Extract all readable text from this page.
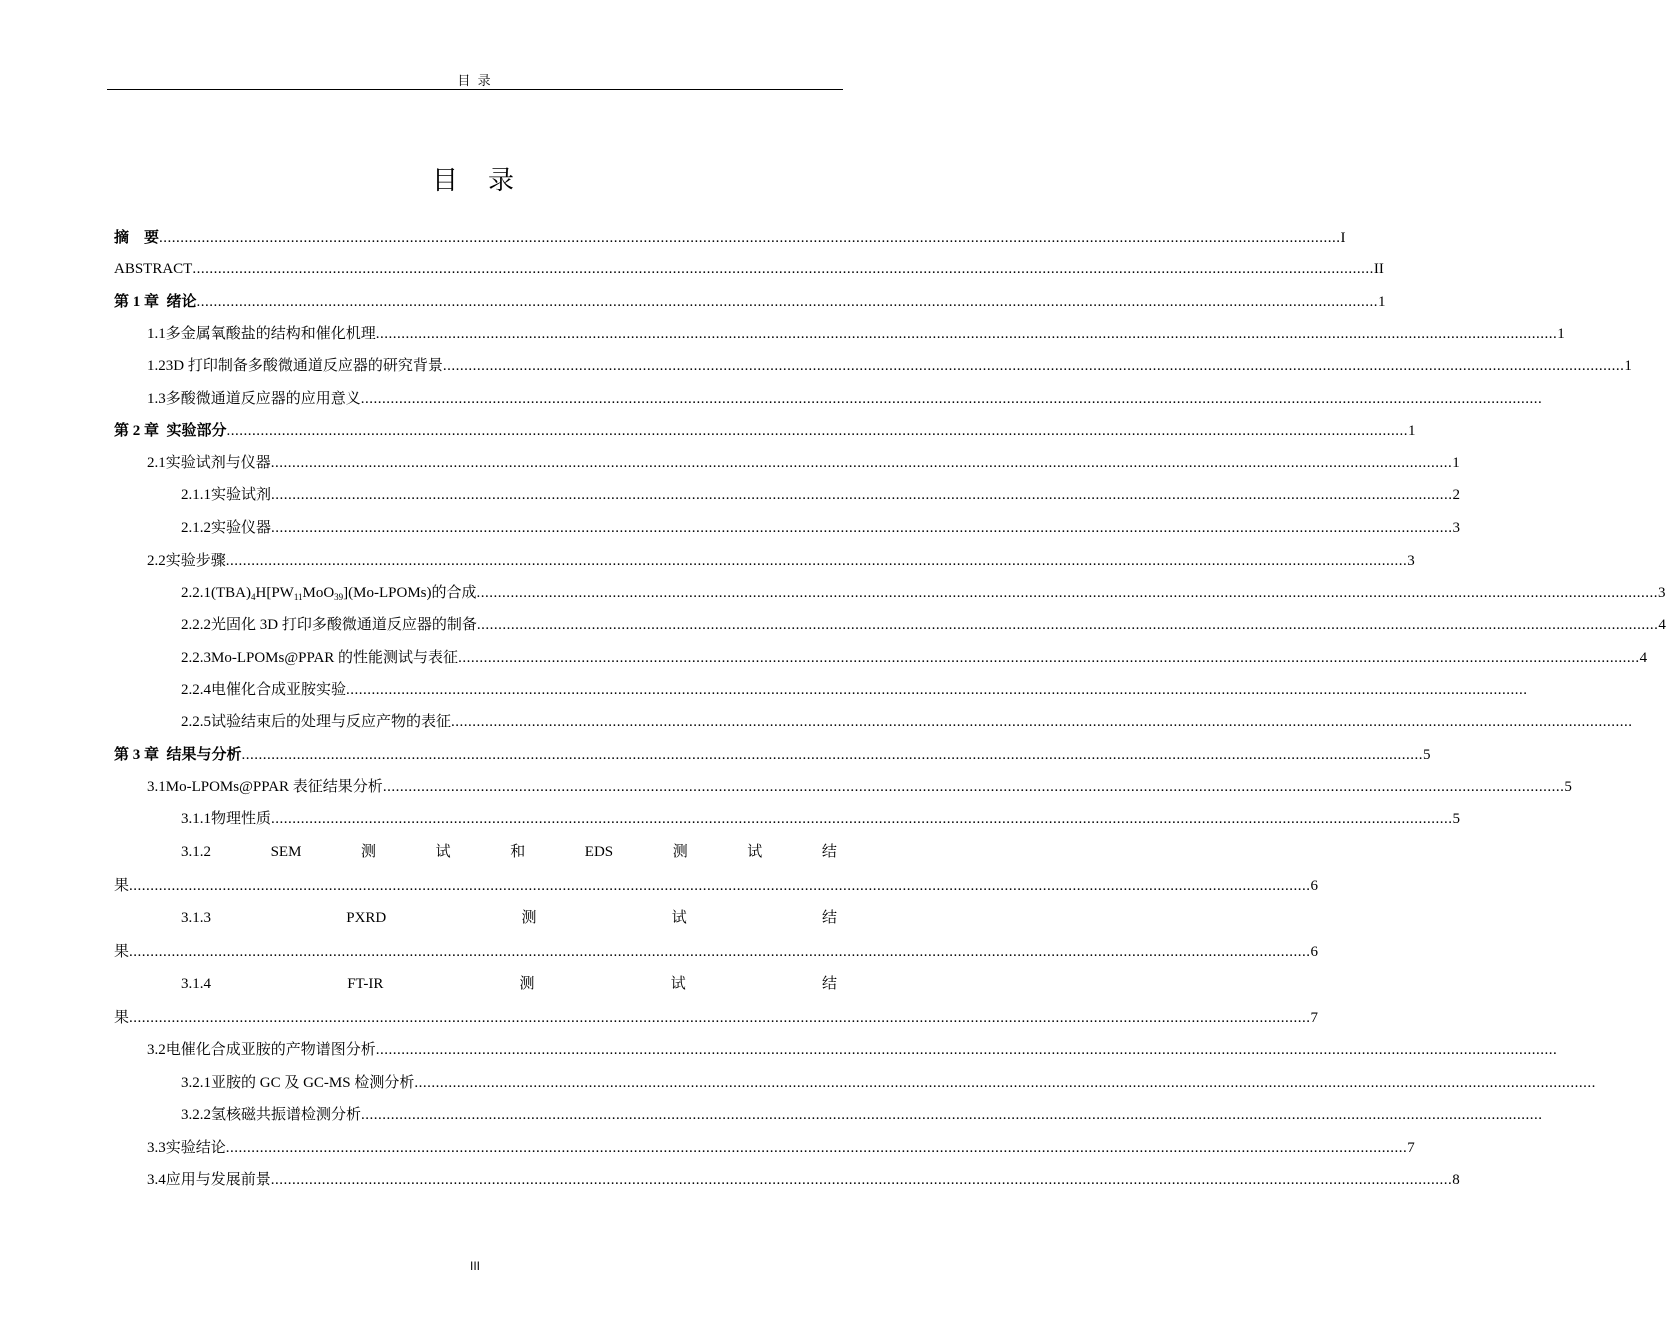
目 录
目 录
摘    要 ...................................................................................................................................................................................................................................................................................... I
ABSTRACT ...................................................................................................................................................................................................................................................................................... II
第 1 章  绪论 ...................................................................................................................................................................................................................................................................................... 1
1.1 多金属氧酸盐的结构和催化机理 ...................................................................................................................................................................................................................................................................................... 1
1.2 3D 打印制备多酸微通道反应器的研究背景 ...................................................................................................................................................................................................................................................................................... 1
1.3 多酸微通道反应器的应用意义 ......................................................................................................................................................................................................................................................................................
第 2 章  实验部分 ...................................................................................................................................................................................................................................................................................... 1
2.1 实验试剂与仪器 ...................................................................................................................................................................................................................................................................................... 1
2.1.1 实验试剂 ...................................................................................................................................................................................................................................................................................... 2
2.1.2 实验仪器 ...................................................................................................................................................................................................................................................................................... 3
2.2 实验步骤 ...................................................................................................................................................................................................................................................................................... 3
2.2.1 $(TBA)_4H[PW_{11}MoO_{39}](Mo-LPOMs)$的合成 ...................................................................................................................................................................................................................................................................................... 3
2.2.2 光固化 3D 打印多酸微通道反应器的制备 ...................................................................................................................................................................................................................................................................................... 4
2.2.3 Mo-LPOMs@PPAR 的性能测试与表征 ...................................................................................................................................................................................................................................................................................... 4
2.2.4 电催化合成亚胺实验 ......................................................................................................................................................................................................................................................................................
2.2.5 试验结束后的处理与反应产物的表征 ......................................................................................................................................................................................................................................................................................
第 3 章  结果与分析 ...................................................................................................................................................................................................................................................................................... 5
3.1 Mo-LPOMs@PPAR 表征结果分析 ...................................................................................................................................................................................................................................................................................... 5
3.1.1 物理性质 ...................................................................................................................................................................................................................................................................................... 5
3.1.2	SEM	测	试	和	EDS	测	试	结
果 ...................................................................................................................................................................................................................................................................................... 6
3.1.3	PXRD	测	试	结
果 ...................................................................................................................................................................................................................................................................................... 6
3.1.4	FT-IR	测	试	结
果 ...................................................................................................................................................................................................................................................................................... 7
3.2 电催化合成亚胺的产物谱图分析 ......................................................................................................................................................................................................................................................................................
3.2.1 亚胺的 GC 及 GC-MS 检测分析 ......................................................................................................................................................................................................................................................................................
3.2.2 氢核磁共振谱检测分析 ......................................................................................................................................................................................................................................................................................
3.3 实验结论 ...................................................................................................................................................................................................................................................................................... 7
3.4 应用与发展前景 ...................................................................................................................................................................................................................................................................................... 8
III
